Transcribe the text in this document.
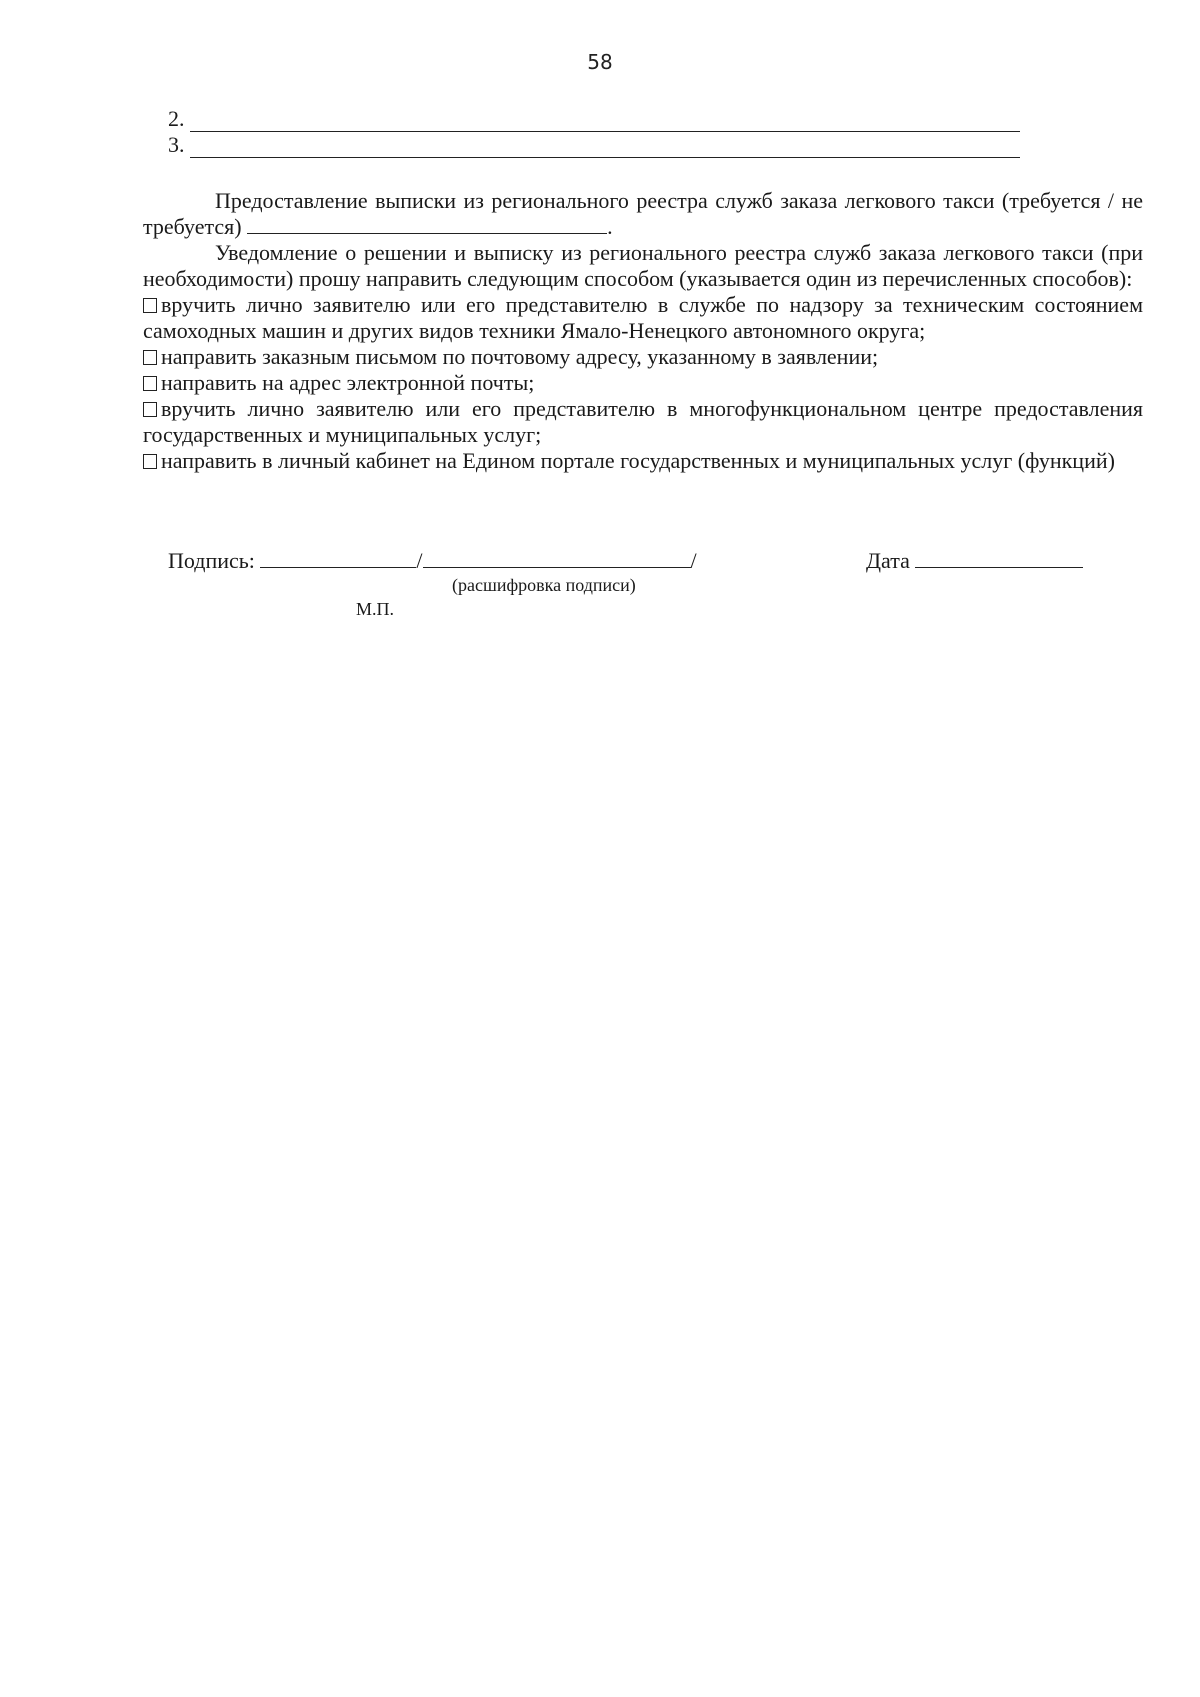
58
2.
3.
Предоставление выписки из регионального реестра служб заказа легкового такси (требуется / не требуется)	.
Уведомление о решении и выписку из регионального реестра служб заказа легкового такси (при необходимости) прошу направить следующим способом (указывается один из перечисленных способов):
вручить лично заявителю или его представителю в службе по надзору за техническим состоянием самоходных машин и других видов техники Ямало-Ненецкого автономного округа;
направить заказным письмом по почтовому адресу, указанному в заявлении;
направить на адрес электронной почты;
вручить лично заявителю или его представителю в многофункциональном центре предоставления государственных и муниципальных услуг;
направить в личный кабинет на Едином портале государственных и муниципальных услуг (функций)
Подпись:	/	/	Дата
(расшифровка подписи)
М.П.
